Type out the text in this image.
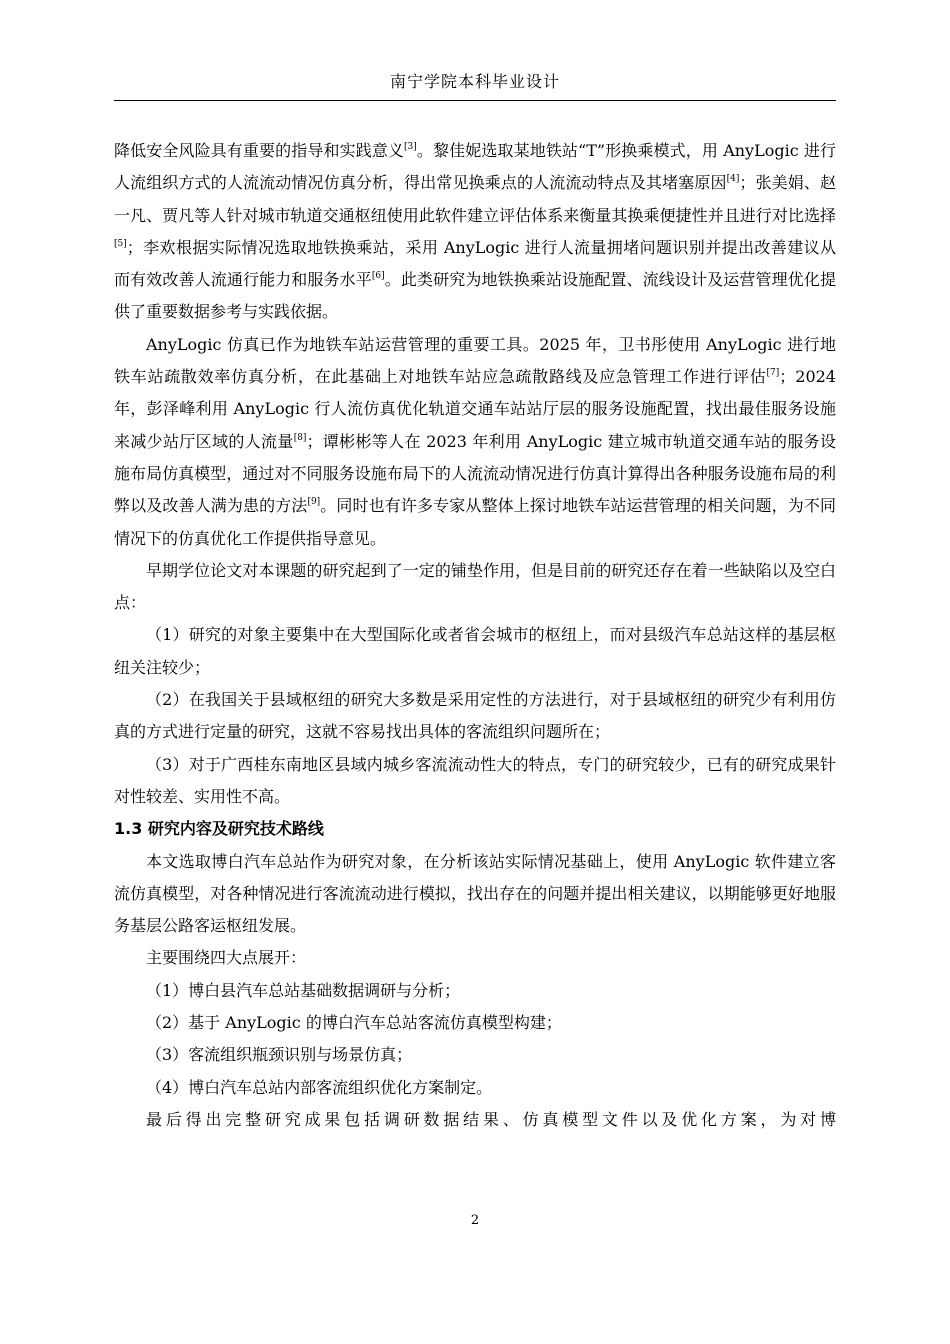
南宁学院本科毕业设计

降低安全风险具有重要的指导和实践意义[3]。黎佳妮选取某地铁站“T”形换乘模式，用 AnyLogic 进行人流组织方式的人流流动情况仿真分析，得出常见换乘点的人流流动特点及其堵塞原因[4]；张美娟、赵一凡、贾凡等人针对城市轨道交通枢纽使用此软件建立评估体系来衡量其换乘便捷性并且进行对比选择[5]；李欢根据实际情况选取地铁换乘站，采用 AnyLogic 进行人流量拥堵问题识别并提出改善建议从而有效改善人流通行能力和服务水平[6]。此类研究为地铁换乘站设施配置、流线设计及运营管理优化提供了重要数据参考与实践依据。

AnyLogic 仿真已作为地铁车站运营管理的重要工具。2025 年，卫书彤使用 AnyLogic 进行地铁车站疏散效率仿真分析，在此基础上对地铁车站应急疏散路线及应急管理工作进行评估[7]；2024 年，彭泽峰利用 AnyLogic 行人流仿真优化轨道交通车站站厅层的服务设施配置，找出最佳服务设施来减少站厅区域的人流量[8]；谭彬彬等人在 2023 年利用 AnyLogic 建立城市轨道交通车站的服务设施布局仿真模型，通过对不同服务设施布局下的人流流动情况进行仿真计算得出各种服务设施布局的利弊以及改善人满为患的方法[9]。同时也有许多专家从整体上探讨地铁车站运营管理的相关问题，为不同情况下的仿真优化工作提供指导意见。

早期学位论文对本课题的研究起到了一定的铺垫作用，但是目前的研究还存在着一些缺陷以及空白点：

（1）研究的对象主要集中在大型国际化或者省会城市的枢纽上，而对县级汽车总站这样的基层枢纽关注较少；

（2）在我国关于县域枢纽的研究大多数是采用定性的方法进行，对于县域枢纽的研究少有利用仿真的方式进行定量的研究，这就不容易找出具体的客流组织问题所在；

（3）对于广西桂东南地区县域内城乡客流流动性大的特点，专门的研究较少，已有的研究成果针对性较差、实用性不高。

1.3 研究内容及研究技术路线

本文选取博白汽车总站作为研究对象，在分析该站实际情况基础上，使用 AnyLogic 软件建立客流仿真模型，对各种情况进行客流流动进行模拟，找出存在的问题并提出相关建议，以期能够更好地服务基层公路客运枢纽发展。

主要围绕四大点展开：

（1）博白县汽车总站基础数据调研与分析；

（2）基于 AnyLogic 的博白汽车总站客流仿真模型构建；

（3）客流组织瓶颈识别与场景仿真；

（4）博白汽车总站内部客流组织优化方案制定。

最后得出完整研究成果包括调研数据结果、仿真模型文件以及优化方案，为对博

2
